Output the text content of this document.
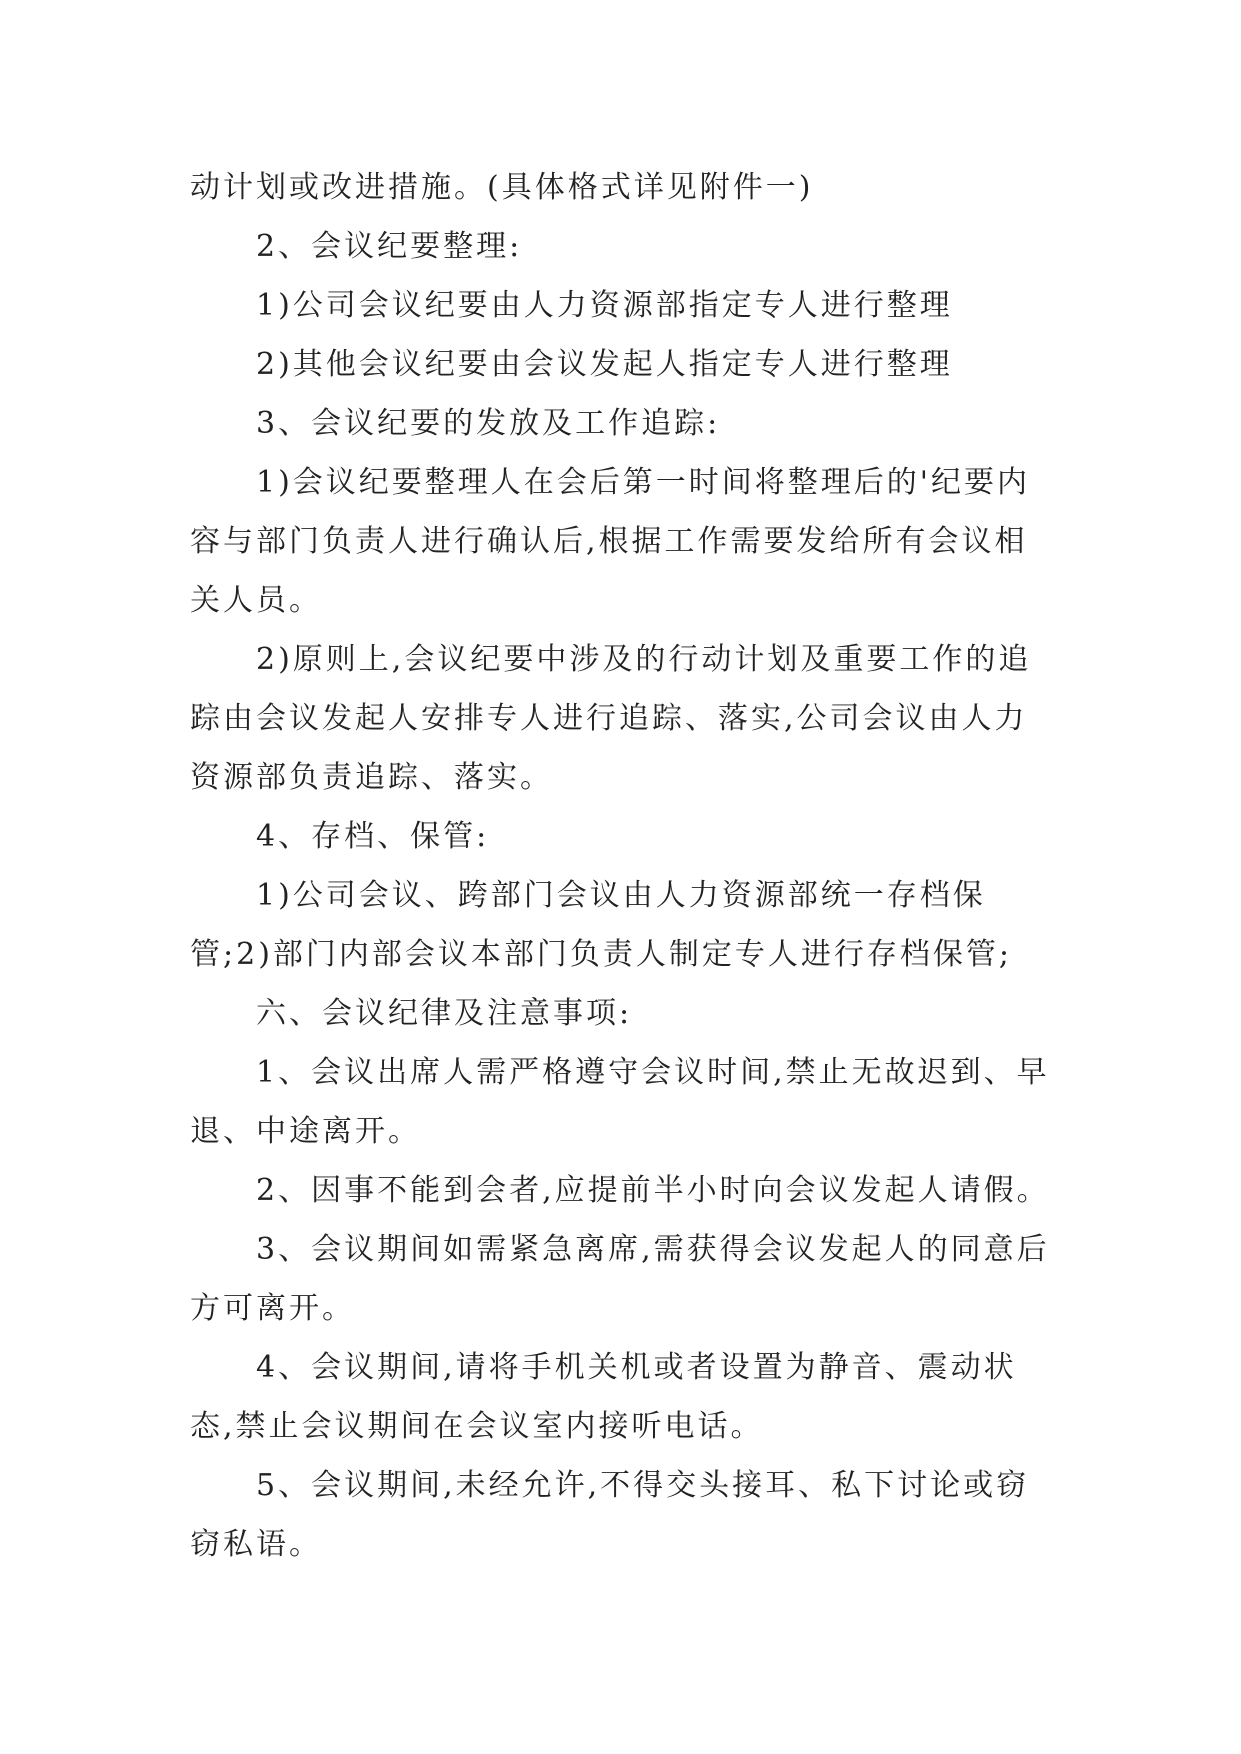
动计划或改进措施。(具体格式详见附件一)

2、会议纪要整理:

1)公司会议纪要由人力资源部指定专人进行整理

2)其他会议纪要由会议发起人指定专人进行整理

3、会议纪要的发放及工作追踪:

1)会议纪要整理人在会后第一时间将整理后的'纪要内容与部门负责人进行确认后,根据工作需要发给所有会议相关人员。

2)原则上,会议纪要中涉及的行动计划及重要工作的追踪由会议发起人安排专人进行追踪、落实,公司会议由人力资源部负责追踪、落实。

4、存档、保管:

1)公司会议、跨部门会议由人力资源部统一存档保管;2)部门内部会议本部门负责人制定专人进行存档保管;

六、会议纪律及注意事项:

1、会议出席人需严格遵守会议时间,禁止无故迟到、早退、中途离开。

2、因事不能到会者,应提前半小时向会议发起人请假。

3、会议期间如需紧急离席,需获得会议发起人的同意后方可离开。

4、会议期间,请将手机关机或者设置为静音、震动状态,禁止会议期间在会议室内接听电话。

5、会议期间,未经允许,不得交头接耳、私下讨论或窃窃私语。
